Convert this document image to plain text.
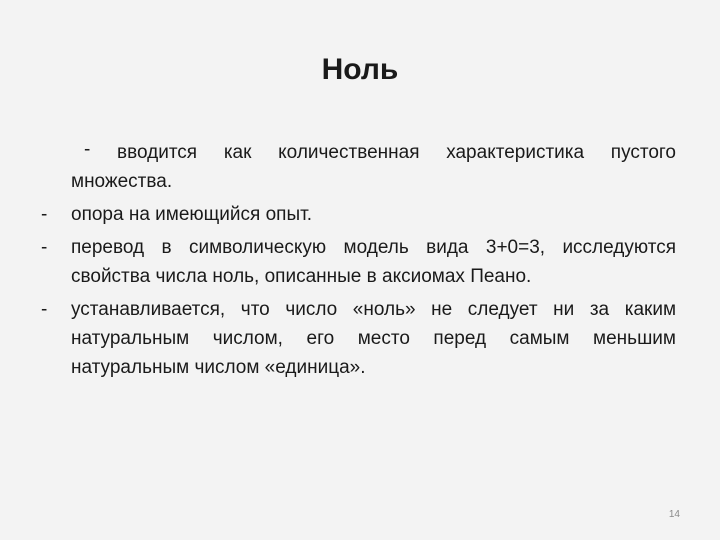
Ноль
-	вводится как количественная характеристика пустого множества.
-	опора на имеющийся опыт.
-	перевод в символическую модель вида 3+0=3, исследуются свойства числа ноль, описанные в аксиомах Пеано.
-	устанавливается, что число «ноль» не следует ни за каким натуральным числом, его место перед самым меньшим натуральным числом «единица».
14
